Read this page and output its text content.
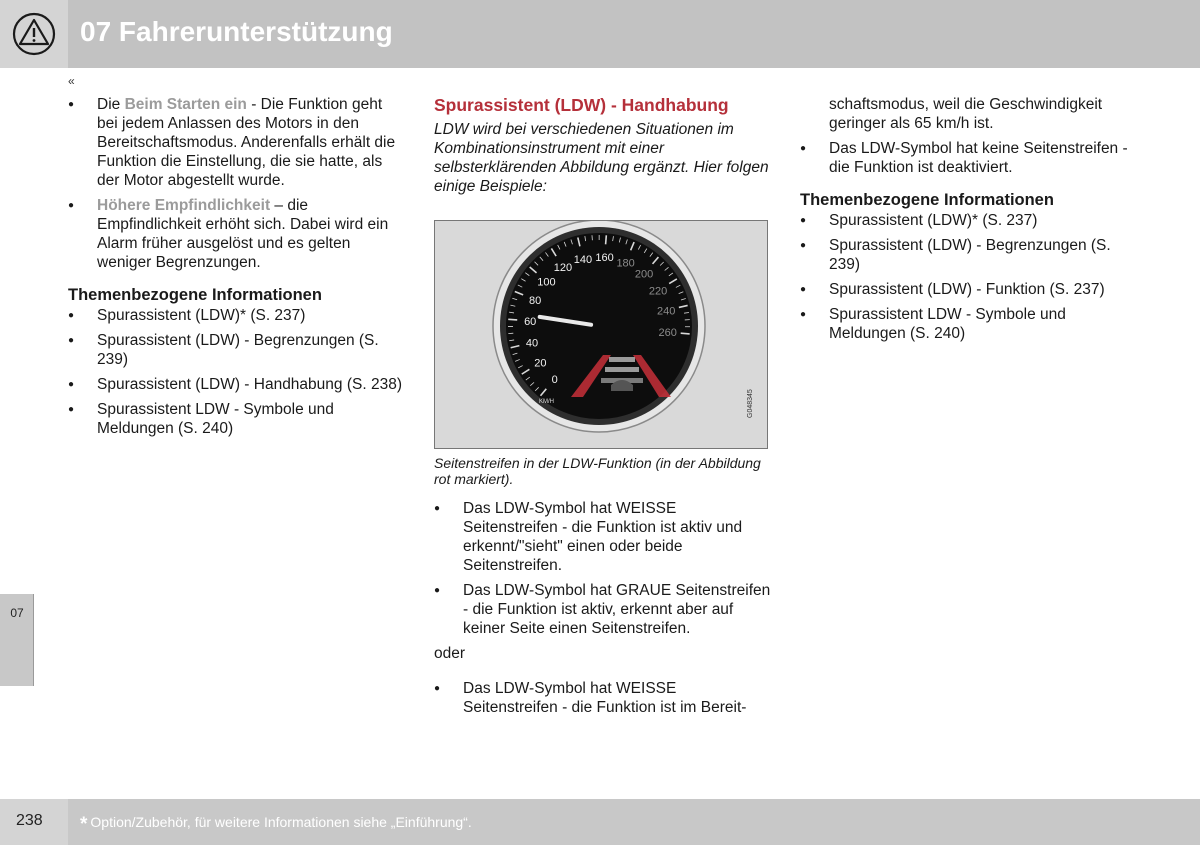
07 Fahrerunterstützung
«
● Die Beim Starten ein - Die Funktion geht bei jedem Anlassen des Motors in den Bereitschaftsmodus. Anderenfalls erhält die Funktion die Einstellung, die sie hatte, als der Motor abgestellt wurde.
● Höhere Empfindlichkeit – die Empfindlichkeit erhöht sich. Dabei wird ein Alarm früher ausgelöst und es gelten weniger Begrenzungen.
Themenbezogene Informationen
● Spurassistent (LDW)* (S. 237)
● Spurassistent (LDW) - Begrenzungen (S. 239)
● Spurassistent (LDW) - Handhabung (S. 238)
● Spurassistent LDW - Symbole und Meldungen (S. 240)
Spurassistent (LDW) - Handhabung
LDW wird bei verschiedenen Situationen im Kombinationsinstrument mit einer selbsterklärenden Abbildung ergänzt. Hier folgen einige Beispiele:
0
20
40
60
80
100
120
140 160 180
200
220
240
260
KM/H	G048345
Seitenstreifen in der LDW-Funktion (in der Abbildung rot markiert).
● Das LDW-Symbol hat WEISSE Seitenstreifen - die Funktion ist aktiv und erkennt/"sieht" einen oder beide Seitenstreifen.
● Das LDW-Symbol hat GRAUE Seitenstreifen - die Funktion ist aktiv, erkennt aber auf keiner Seite einen Seitenstreifen.
oder
● Das LDW-Symbol hat WEISSE Seitenstreifen - die Funktion ist im Bereit-
schaftsmodus, weil die Geschwindigkeit geringer als 65 km/h ist.
● Das LDW-Symbol hat keine Seitenstreifen - die Funktion ist deaktiviert.
Themenbezogene Informationen
● Spurassistent (LDW)* (S. 237)
● Spurassistent (LDW) - Begrenzungen (S. 239)
● Spurassistent (LDW) - Funktion (S. 237)
● Spurassistent LDW - Symbole und Meldungen (S. 240)
07
238 * Option/Zubehör, für weitere Informationen siehe „Einführung“.
